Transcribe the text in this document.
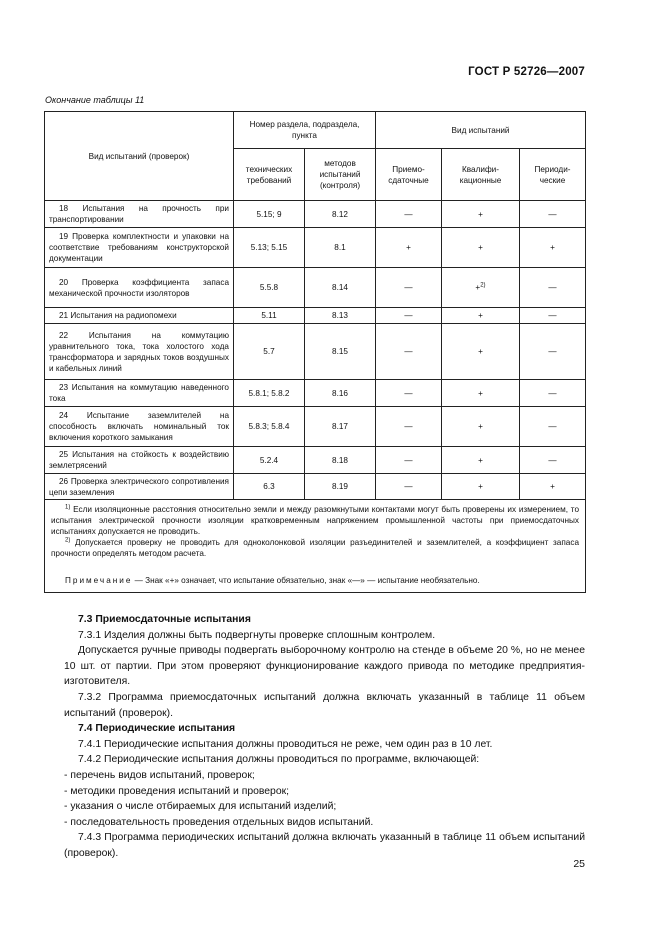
ГОСТ Р 52726—2007
Окончание таблицы 11
Вид испытаний (проверок)	Номер раздела, подраздела, пункта		Вид испытаний		
	технических требований	методов испытаний (контроля)	Приемо-сдаточные	Квалифи-кационные	Периоди-ческие
18 Испытания на прочность при транспортировании	5.15; 9	8.12	—	+	—
19 Проверка комплектности и упаковки на соответствие требованиям конструкторской документации	5.13; 5.15	8.1	+	+	+
20 Проверка коэффициента запаса механической прочности изоляторов	5.5.8	8.14	—	+$^{2)}$	—
21 Испытания на радиопомехи	5.11	8.13	—	+	—
22 Испытания на коммутацию уравнительного тока, тока холостого хода трансформатора и зарядных токов воздушных и кабельных линий	5.7	8.15	—	+	—
23 Испытания на коммутацию наведенного тока	5.8.1; 5.8.2	8.16	—	+	—
24 Испытание заземлителей на способность включать номинальный ток включения короткого замыкания	5.8.3; 5.8.4	8.17	—	+	—
25 Испытания на стойкость к воздействию землетрясений	5.2.4	8.18	—	+	—
26 Проверка электрического сопротивления цепи заземления	6.3	8.19	—	+	+

$^{1)}$ Если изоляционные расстояния относительно земли и между разомкнутыми контактами могут быть проверены их измерением, то испытания электрической прочности изоляции кратковременным напряжением промышленной частоты при приемосдаточных испытаниях допускается не проводить.

$^{2)}$ Допускается проверку не проводить для одноколонковой изоляции разъединителей и заземлителей, а коэффициент запаса прочности определять методом расчета.

Примечание — Знак «+» означает, что испытание обязательно, знак «—» — испытание необязательно.					

7.3 Приемосдаточные испытания

7.3.1 Изделия должны быть подвергнуты проверке сплошным контролем.

Допускается ручные приводы подвергать выборочному контролю на стенде в объеме 20 %, но не менее 10 шт. от партии. При этом проверяют функционирование каждого привода по методике предприятия-изготовителя.

7.3.2 Программа приемосдаточных испытаний должна включать указанный в таблице 11 объем испытаний (проверок).

7.4 Периодические испытания

7.4.1 Периодические испытания должны проводиться не реже, чем один раз в 10 лет.

7.4.2 Периодические испытания должны проводиться по программе, включающей:

- перечень видов испытаний, проверок;

- методики проведения испытаний и проверок;

- указания о числе отбираемых для испытаний изделий;

- последовательность проведения отдельных видов испытаний.

7.4.3 Программа периодических испытаний должна включать указанный в таблице 11 объем испытаний (проверок).

25
